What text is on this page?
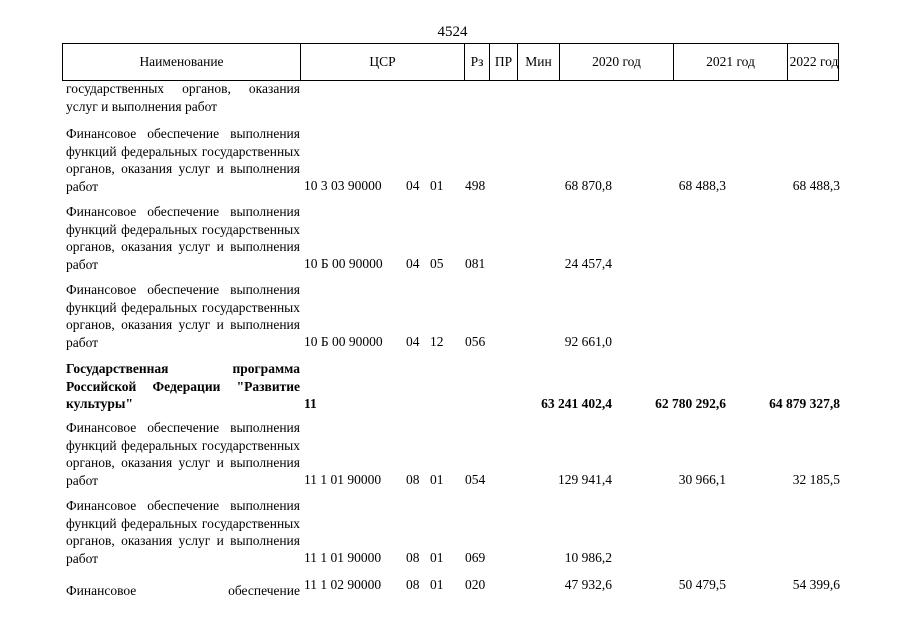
4524
Наименование	ЦСР	Рз ПР Мин	2020 год	2021 год	2022 год
государственных органов, оказания услуг и выполнения работ
Финансовое обеспечение выполнения функций федеральных государственных органов, оказания услуг и выполнения работ	10 3 03 90000 04 01 498	68 870,8	68 488,3	68 488,3
Финансовое обеспечение выполнения функций федеральных государственных органов, оказания услуг и выполнения работ	10 Б 00 90000 04 05 081	24 457,4
Финансовое обеспечение выполнения функций федеральных государственных органов, оказания услуг и выполнения работ	10 Б 00 90000 04 12 056	92 661,0
Государственная программа Российской Федерации "Развитие культуры"	11	63 241 402,4	62 780 292,6	64 879 327,8
Финансовое обеспечение выполнения функций федеральных государственных органов, оказания услуг и выполнения работ	11 1 01 90000 08 01 054	129 941,4	30 966,1	32 185,5
Финансовое обеспечение выполнения функций федеральных государственных органов, оказания услуг и выполнения работ	11 1 01 90000 08 01 069	10 986,2
Финансовое обеспечение 11 1 02 90000 08 01 020	47 932,6	50 479,5	54 399,6
